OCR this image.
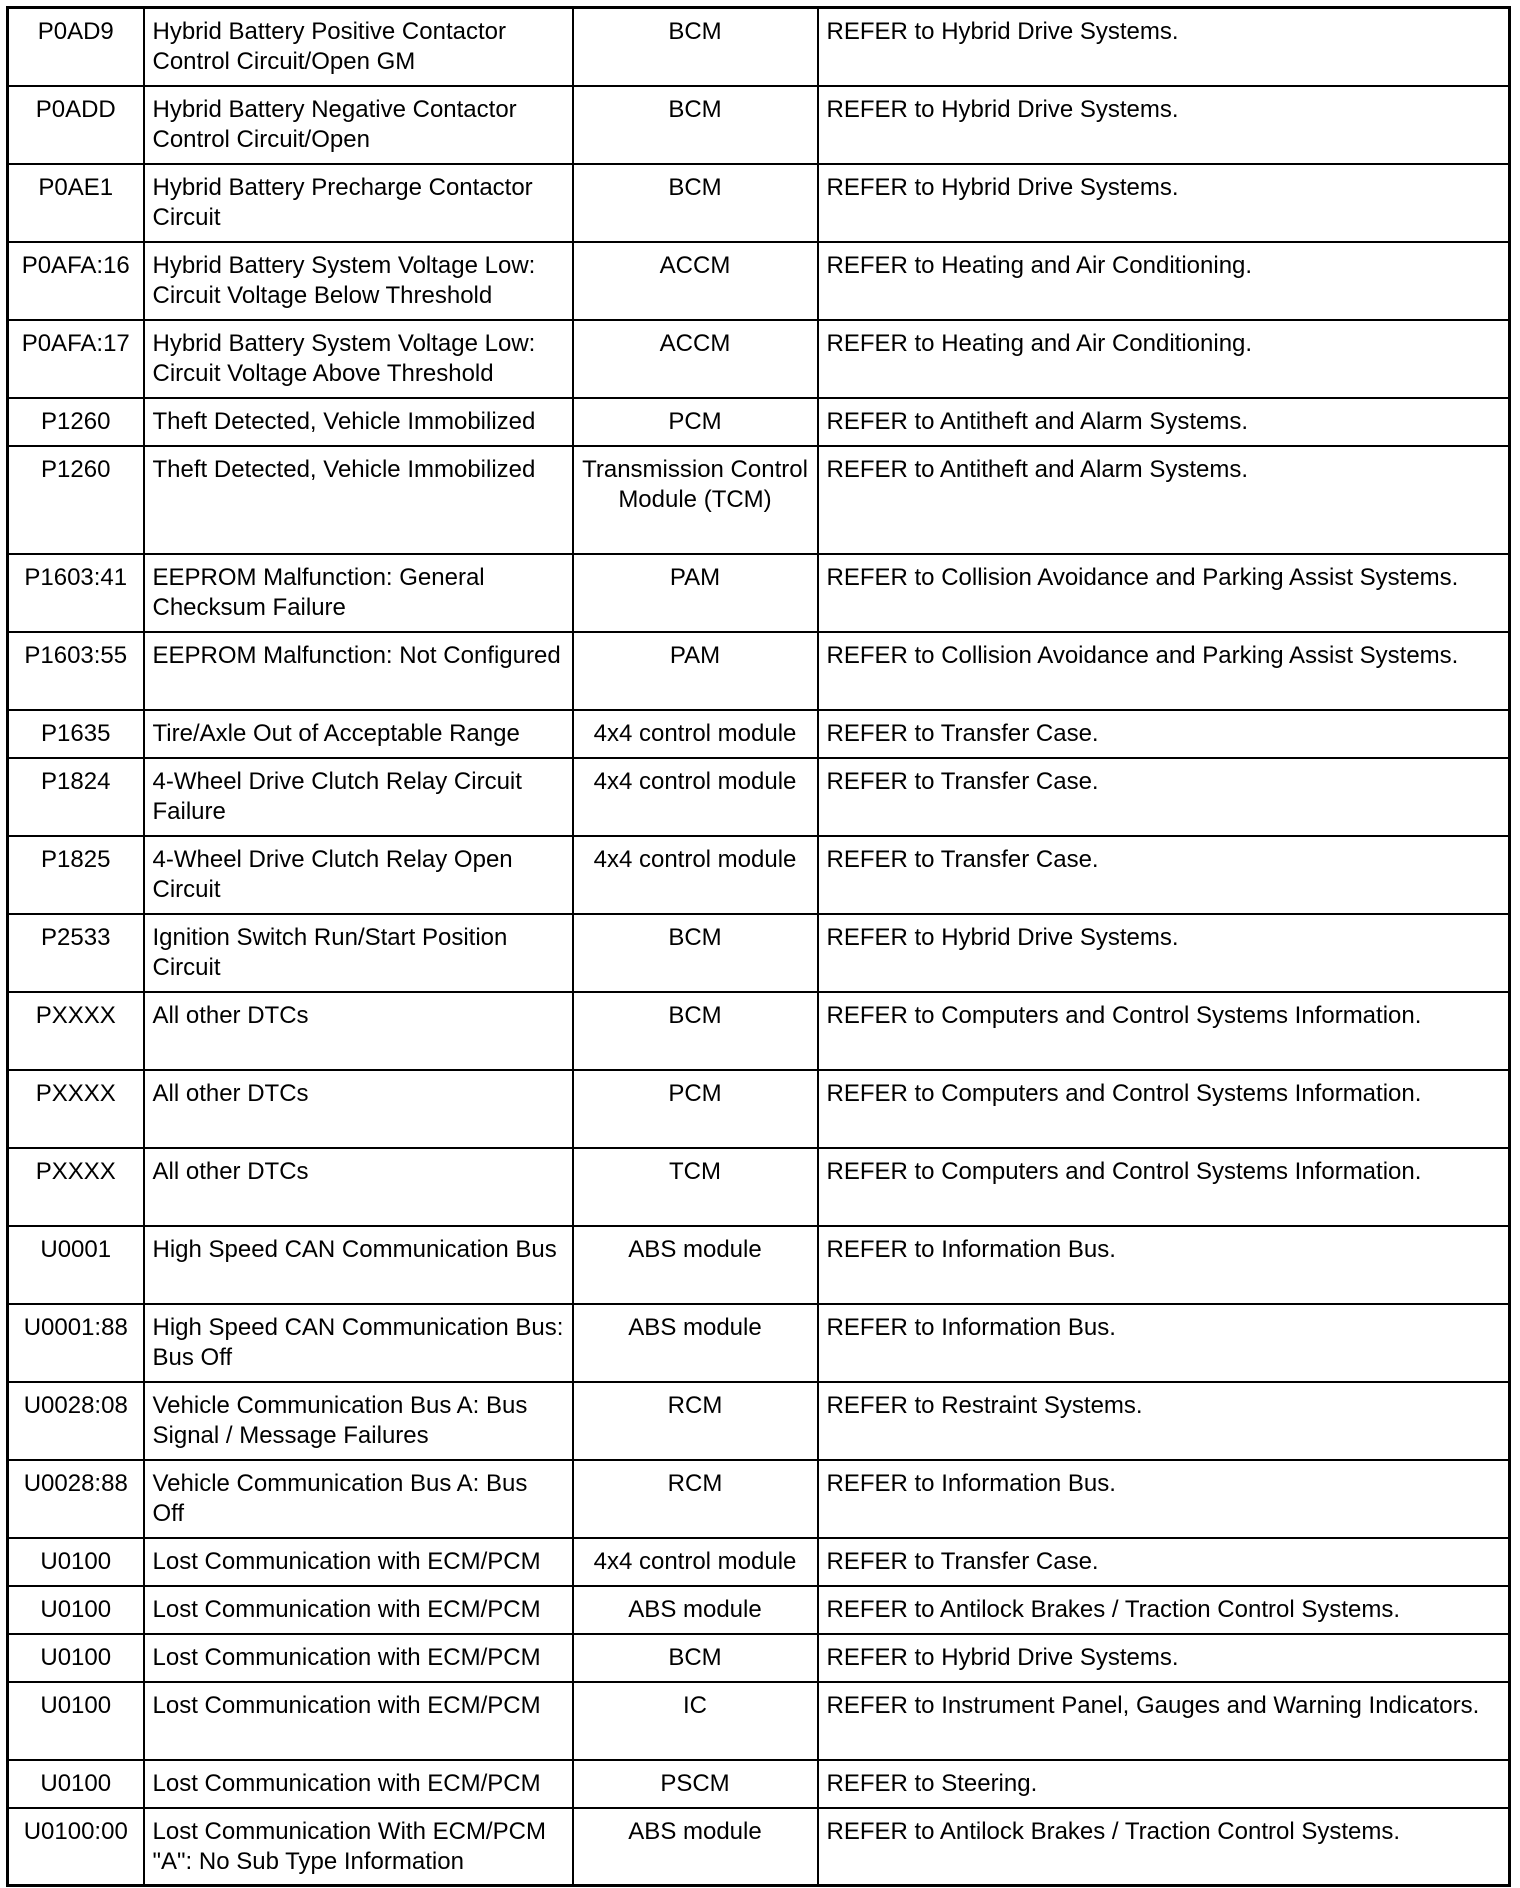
P0AD9	Hybrid Battery Positive Contactor Control Circuit/Open GM	BCM	REFER to Hybrid Drive Systems.
P0ADD	Hybrid Battery Negative Contactor Control Circuit/Open	BCM	REFER to Hybrid Drive Systems.
P0AE1	Hybrid Battery Precharge Contactor Circuit	BCM	REFER to Hybrid Drive Systems.
P0AFA:16	Hybrid Battery System Voltage Low: Circuit Voltage Below Threshold	ACCM	REFER to Heating and Air Conditioning.
P0AFA:17	Hybrid Battery System Voltage Low: Circuit Voltage Above Threshold	ACCM	REFER to Heating and Air Conditioning.
P1260	Theft Detected, Vehicle Immobilized	PCM	REFER to Antitheft and Alarm Systems.
P1260	Theft Detected, Vehicle Immobilized	Transmission Control Module (TCM)	REFER to Antitheft and Alarm Systems.
P1603:41	EEPROM Malfunction: General Checksum Failure	PAM	REFER to Collision Avoidance and Parking Assist Systems.
P1603:55	EEPROM Malfunction: Not Configured	PAM	REFER to Collision Avoidance and Parking Assist Systems.
P1635	Tire/Axle Out of Acceptable Range	4x4 control module	REFER to Transfer Case.
P1824	4-Wheel Drive Clutch Relay Circuit Failure	4x4 control module	REFER to Transfer Case.
P1825	4-Wheel Drive Clutch Relay Open Circuit	4x4 control module	REFER to Transfer Case.
P2533	Ignition Switch Run/Start Position Circuit	BCM	REFER to Hybrid Drive Systems.
PXXXX	All other DTCs	BCM	REFER to Computers and Control Systems Information.
PXXXX	All other DTCs	PCM	REFER to Computers and Control Systems Information.
PXXXX	All other DTCs	TCM	REFER to Computers and Control Systems Information.
U0001	High Speed CAN Communication Bus	ABS module	REFER to Information Bus.
U0001:88	High Speed CAN Communication Bus: Bus Off	ABS module	REFER to Information Bus.
U0028:08	Vehicle Communication Bus A: Bus Signal / Message Failures	RCM	REFER to Restraint Systems.
U0028:88	Vehicle Communication Bus A: Bus Off	RCM	REFER to Information Bus.
U0100	Lost Communication with ECM/PCM	4x4 control module	REFER to Transfer Case.
U0100	Lost Communication with ECM/PCM	ABS module	REFER to Antilock Brakes / Traction Control Systems.
U0100	Lost Communication with ECM/PCM	BCM	REFER to Hybrid Drive Systems.
U0100	Lost Communication with ECM/PCM	IC	REFER to Instrument Panel, Gauges and Warning Indicators.
U0100	Lost Communication with ECM/PCM	PSCM	REFER to Steering.
U0100:00	Lost Communication With ECM/PCM "A": No Sub Type Information	ABS module	REFER to Antilock Brakes / Traction Control Systems.
